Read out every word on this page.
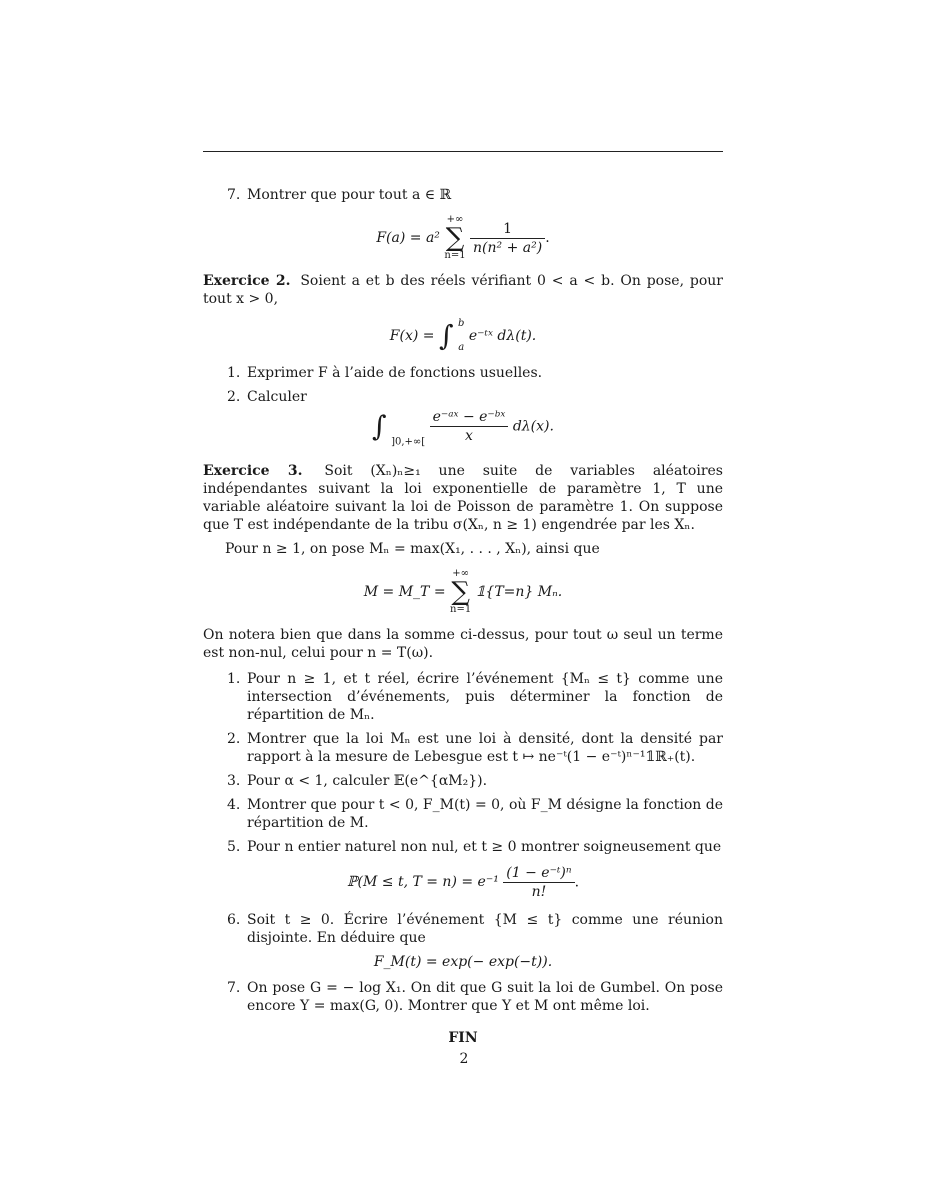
7. Montrer que pour tout a ∈ ℝ
F(a) = a²
+∞
∑
n=1
$\frac{1}{\text{n(n² + a²)}}$ .
Exercice 2. Soient a et b des réels vérifiant 0 < a < b. On pose, pour tout x > 0,
F(x) = ∫ b

a
e⁻ᵗˣ dλ(t).
1. Exprimer F à l’aide de fonctions usuelles.
2. Calculer
∫ $_{]0,+\infty[} \frac{\text{e⁻ᵃˣ − e⁻ᵇˣ}}{x} d\lambda(x)$.
Exercice 3. Soit (Xₙ)ₙ≥₁ une suite de variables aléatoires indépendantes suivant la loi exponentielle de paramètre 1, T une variable aléatoire suivant la loi de Poisson de paramètre 1. On suppose que T est indépendante de la tribu σ(Xₙ, n ≥ 1) engendrée par les Xₙ.
Pour n ≥ 1, on pose Mₙ = max(X₁, . . . , Xₙ), ainsi que
M = M_T =
+∞
∑
n=1
𝟙{T=n} Mₙ.
On notera bien que dans la somme ci-dessus, pour tout ω seul un terme est non-nul, celui pour n = T(ω).
1. Pour n ≥ 1, et t réel, écrire l’événement {Mₙ ≤ t} comme une intersection d’événements, puis déterminer la fonction de répartition de Mₙ.
2. Montrer que la loi Mₙ est une loi à densité, dont la densité par rapport à la mesure de Lebesgue est t ↦ ne⁻ᵗ(1 − e⁻ᵗ)ⁿ⁻¹𝟙ℝ₊(t).
3. Pour α < 1, calculer 𝔼(e^{αM₂}).
4. Montrer que pour t < 0, F_M(t) = 0, où F_M désigne la fonction de répartition de M.
5. Pour n entier naturel non nul, et t ≥ 0 montrer soigneusement que
ℙ(M ≤ t, $T = n) = e^{-1} \frac{\text{(1 − e⁻ᵗ)ⁿ}}{n!}$ .
6. Soit t ≥ 0. Écrire l’événement {M ≤ t} comme une réunion disjointe. En déduire que
F_M(t) = exp(− exp(−t)).
7. On pose G = − log X₁. On dit que G suit la loi de Gumbel. On pose encore Y = max(G, 0). Montrer que Y et M ont même loi.
FIN
2
